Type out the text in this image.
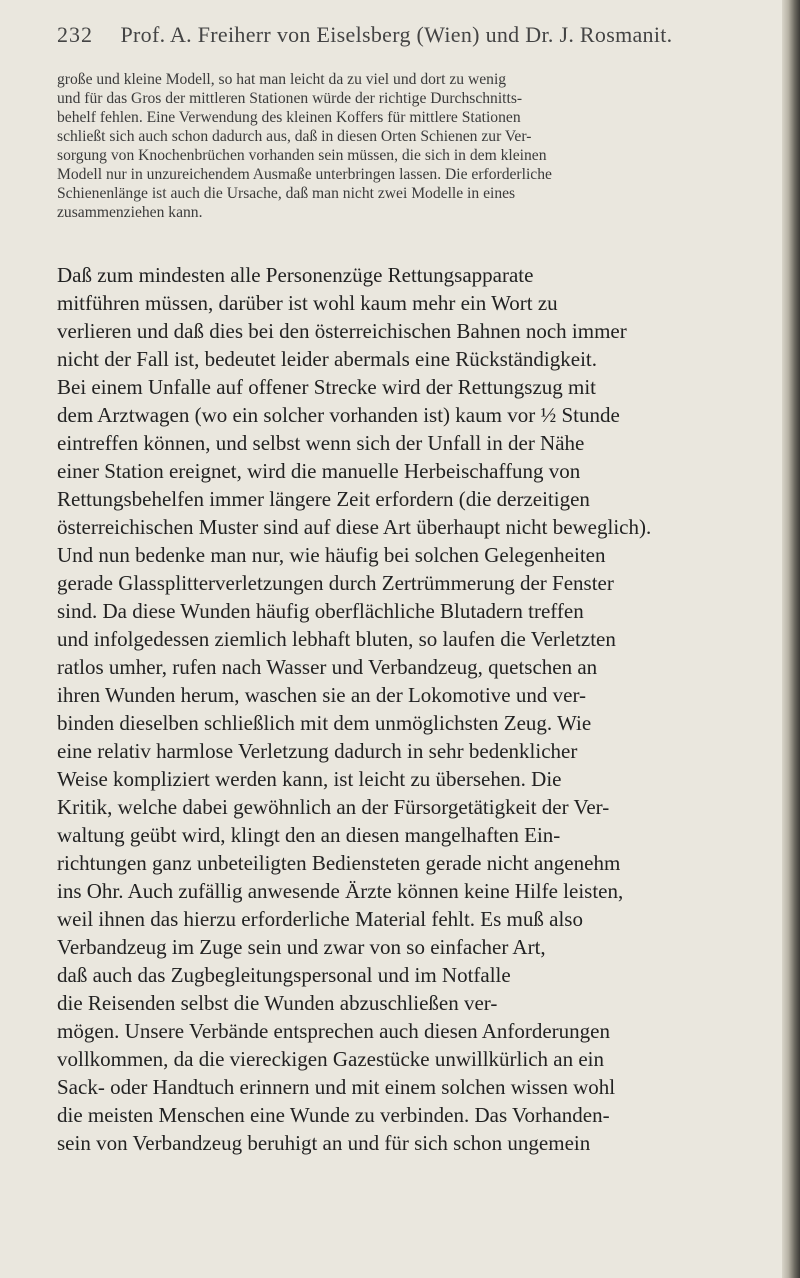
232 Prof. A. Freiherr von Eiselsberg (Wien) und Dr. J. Rosmanit.
große und kleine Modell, so hat man leicht da zu viel und dort zu wenig
und für das Gros der mittleren Stationen würde der richtige Durchschnitts-
behelf fehlen. Eine Verwendung des kleinen Koffers für mittlere Stationen
schließt sich auch schon dadurch aus, daß in diesen Orten Schienen zur Ver-
sorgung von Knochenbrüchen vorhanden sein müssen, die sich in dem kleinen
Modell nur in unzureichendem Ausmaße unterbringen lassen. Die erforderliche
Schienenlänge ist auch die Ursache, daß man nicht zwei Modelle in eines
zusammenziehen kann.
Daß zum mindesten alle Personenzüge Rettungsapparate
mitführen müssen, darüber ist wohl kaum mehr ein Wort zu
verlieren und daß dies bei den österreichischen Bahnen noch immer
nicht der Fall ist, bedeutet leider abermals eine Rückständigkeit.
Bei einem Unfalle auf offener Strecke wird der Rettungszug mit
dem Arztwagen (wo ein solcher vorhanden ist) kaum vor ½ Stunde
eintreffen können, und selbst wenn sich der Unfall in der Nähe
einer Station ereignet, wird die manuelle Herbeischaffung von
Rettungsbehelfen immer längere Zeit erfordern (die derzeitigen
österreichischen Muster sind auf diese Art überhaupt nicht beweglich).
Und nun bedenke man nur, wie häufig bei solchen Gelegenheiten
gerade Glassplitterverletzungen durch Zertrümmerung der Fenster
sind. Da diese Wunden häufig oberflächliche Blutadern treffen
und infolgedessen ziemlich lebhaft bluten, so laufen die Verletzten
ratlos umher, rufen nach Wasser und Verbandzeug, quetschen an
ihren Wunden herum, waschen sie an der Lokomotive und ver-
binden dieselben schließlich mit dem unmöglichsten Zeug. Wie
eine relativ harmlose Verletzung dadurch in sehr bedenklicher
Weise kompliziert werden kann, ist leicht zu übersehen. Die
Kritik, welche dabei gewöhnlich an der Fürsorgetätigkeit der Ver-
waltung geübt wird, klingt den an diesen mangelhaften Ein-
richtungen ganz unbeteiligten Bediensteten gerade nicht angenehm
ins Ohr. Auch zufällig anwesende Ärzte können keine Hilfe leisten,
weil ihnen das hierzu erforderliche Material fehlt. Es muß also
Verbandzeug im Zuge sein und zwar von so einfacher Art,
daß auch das Zugbegleitungspersonal und im Notfalle
die Reisenden selbst die Wunden abzuschließen ver-
mögen. Unsere Verbände entsprechen auch diesen Anforderungen
vollkommen, da die viereckigen Gazestücke unwillkürlich an ein
Sack- oder Handtuch erinnern und mit einem solchen wissen wohl
die meisten Menschen eine Wunde zu verbinden. Das Vorhanden-
sein von Verbandzeug beruhigt an und für sich schon ungemein
